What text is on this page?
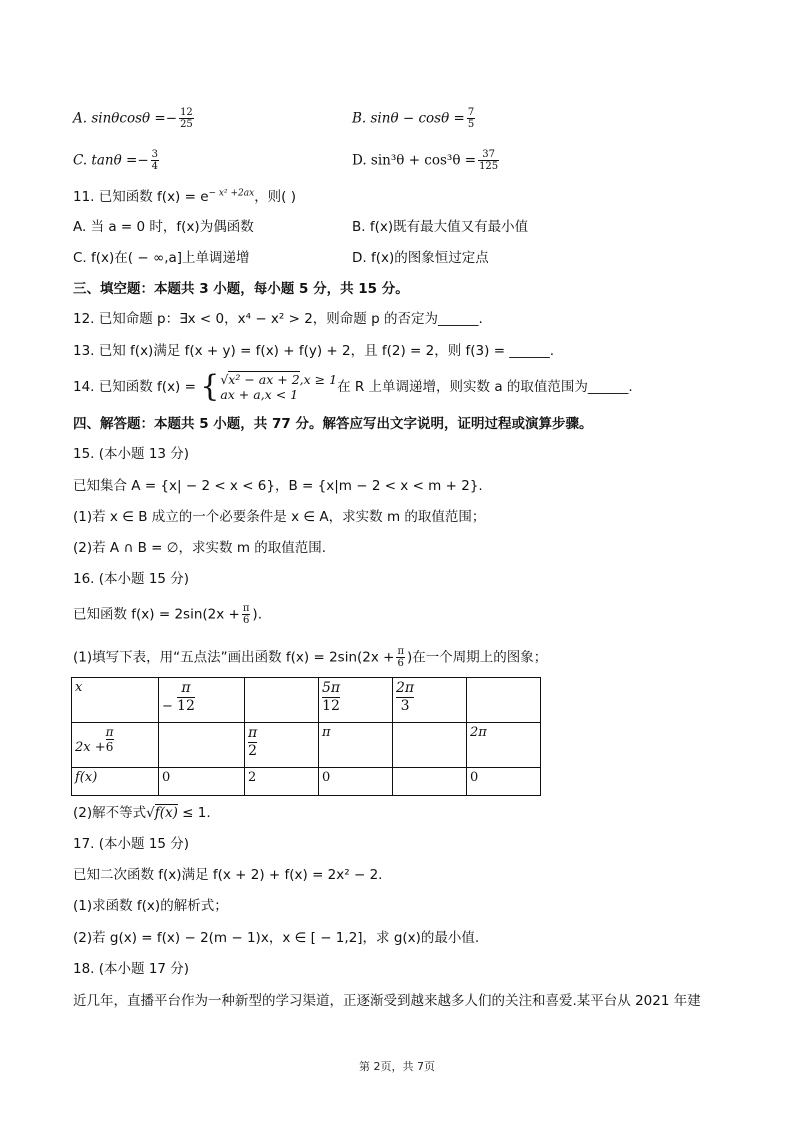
A. $\sin\theta\cos\theta =- \frac{12}{25}$	B. $\sin\theta - \cos\theta = \frac{7}{5}$
C. $\tan\theta =- \frac{3}{4}$	D. $\sin^3\theta + \cos^3\theta = \frac{37}{125}$
11. 已知函数 $f(x) = e^{- x^2 +2ax}$，则( )
A. 当 a = 0 时，f(x)为偶函数	B. f(x)既有最大值又有最小值
C. f(x)在( − ∞,a]上单调递增	D. f(x)的图象恒过定点
三、填空题：本题共 3 小题，每小题 5 分，共 15 分。
12. 已知命题 p：∃x < 0，x⁴ − x² > 2，则命题 p 的否定为______.
13. 已知 f(x)满足 f(x + y) = f(x) + f(y) + 2，且 f(2) = 2，则 f(3) = ______.
14. 已知函数 f(x) = { √x² − ax + 2,x ≥ 1
ax + a,x < 1	在 R 上单调递增，则实数 a 的取值范围为______.
四、解答题：本题共 5 小题，共 77 分。解答应写出文字说明，证明过程或演算步骤。
15. (本小题 13 分)
已知集合 A = {x| − 2 < x < 6}，B = {x|m − 2 < x < m + 2}.
(1)若 x ∈ B 成立的一个必要条件是 x ∈ A，求实数 m 的取值范围；
(2)若 A ∩ B = ∅，求实数 m 的取值范围.
16. (本小题 15 分)
已知函数 $f(x) = 2\sin(2x + \frac{\pi}{6}$ ).
(1)填写下表，用“五点法”画出函数 $f(x) = 2\sin(2x + \frac{\pi}{6}$ )在一个周期上的图象；
x	− $\frac{\pi}{12}$		$\frac{5\pi}{12}$	$\frac{2\pi}{3}$

$2x + \frac{\pi}{6}$		$\frac{\pi}{2}$	π		2π
f(x)	0	2	0		0
(2)解不等式√f(x) ≤ 1.
17. (本小题 15 分)
已知二次函数 f(x)满足 f(x + 2) + f(x) = 2x² − 2.
(1)求函数 f(x)的解析式；
(2)若 g(x) = f(x) − 2(m − 1)x，x ∈ [ − 1,2]，求 g(x)的最小值.
18. (本小题 17 分)
近几年，直播平台作为一种新型的学习渠道，正逐渐受到越来越多人们的关注和喜爱.某平台从 2021 年建
第 2页，共 7页
